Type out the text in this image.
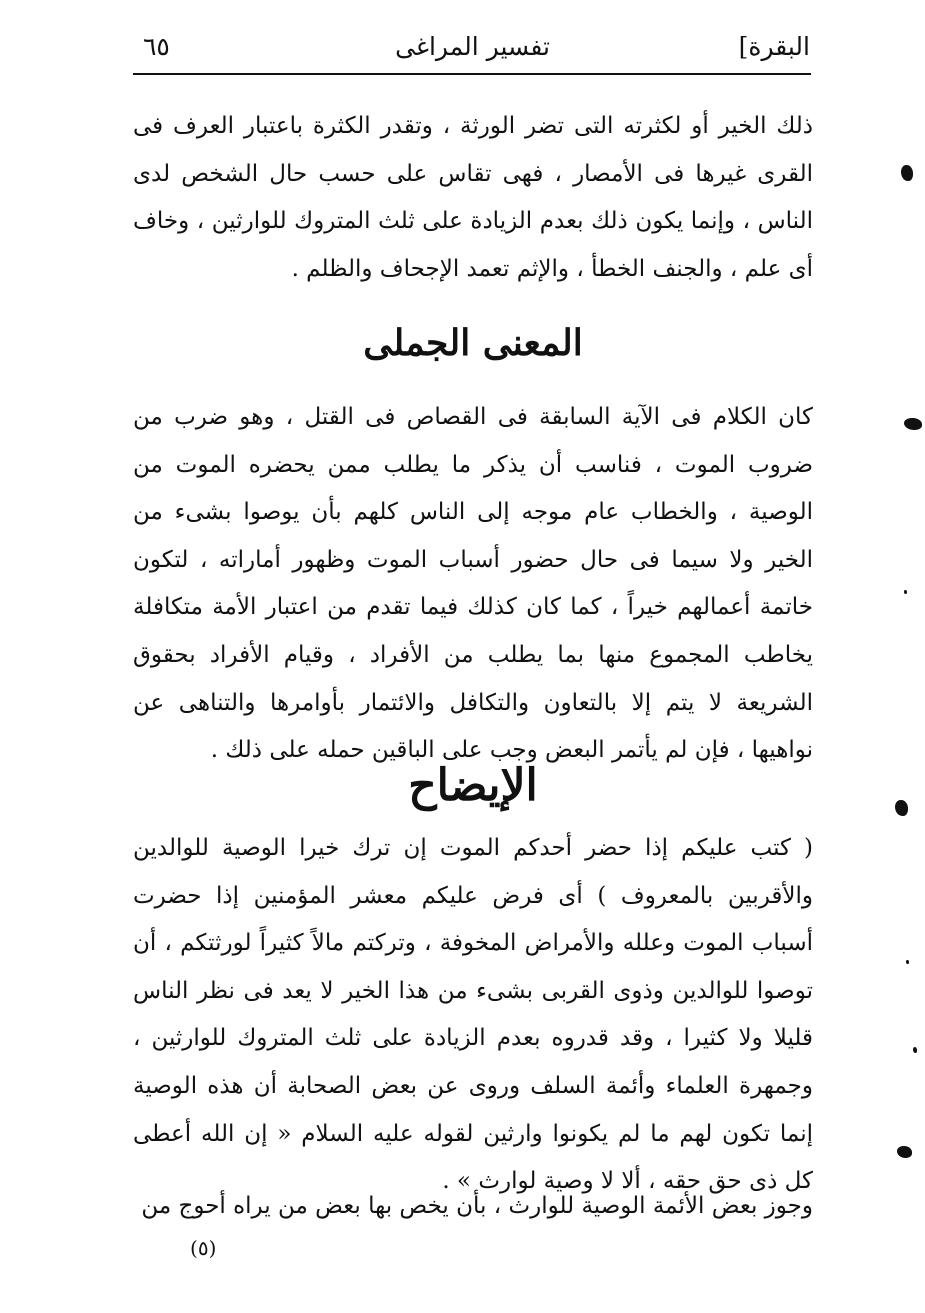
البقرة]
تفسير المراغى
٦٥

ذلك الخير أو لكثرته التى تضر الورثة ، وتقدر الكثرة باعتبار العرف فى القرى غيرها فى الأمصار ، فهى تقاس على حسب حال الشخص لدى الناس ، وإنما يكون ذلك بعدم الزيادة على ثلث المتروك للوارثين ، وخاف أى علم ، والجنف الخطأ ، والإثم تعمد الإجحاف والظلم .

المعنى الجملى

كان الكلام فى الآية السابقة فى القصاص فى القتل ، وهو ضرب من ضروب الموت ، فناسب أن يذكر ما يطلب ممن يحضره الموت من الوصية ، والخطاب عام موجه إلى الناس كلهم بأن يوصوا بشىء من الخير ولا سيما فى حال حضور أسباب الموت وظهور أماراته ، لتكون خاتمة أعمالهم خيراً ، كما كان كذلك فيما تقدم من اعتبار الأمة متكافلة يخاطب المجموع منها بما يطلب من الأفراد ، وقيام الأفراد بحقوق الشريعة لا يتم إلا بالتعاون والتكافل والائتمار بأوامرها والتناهى عن نواهيها ، فإن لم يأتمر البعض وجب على الباقين حمله على ذلك .

الإيضاح

( كتب عليكم إذا حضر أحدكم الموت إن ترك خيرا الوصية للوالدين والأقربين بالمعروف ) أى فرض عليكم معشر المؤمنين إذا حضرت أسباب الموت وعلله والأمراض المخوفة ، وتركتم مالاً كثيراً لورثتكم ، أن توصوا للوالدين وذوى القربى بشىء من هذا الخير لا يعد فى نظر الناس قليلا ولا كثيرا ، وقد قدروه بعدم الزيادة على ثلث المتروك للوارثين ، وجمهرة العلماء وأئمة السلف وروى عن بعض الصحابة أن هذه الوصية إنما تكون لهم ما لم يكونوا وارثين لقوله عليه السلام « إن الله أعطى كل ذى حق حقه ، ألا لا وصية لوارث » .

وجوز بعض الأئمة الوصية للوارث ، بأن يخص بها بعض من يراه أحوج من

(٥)
